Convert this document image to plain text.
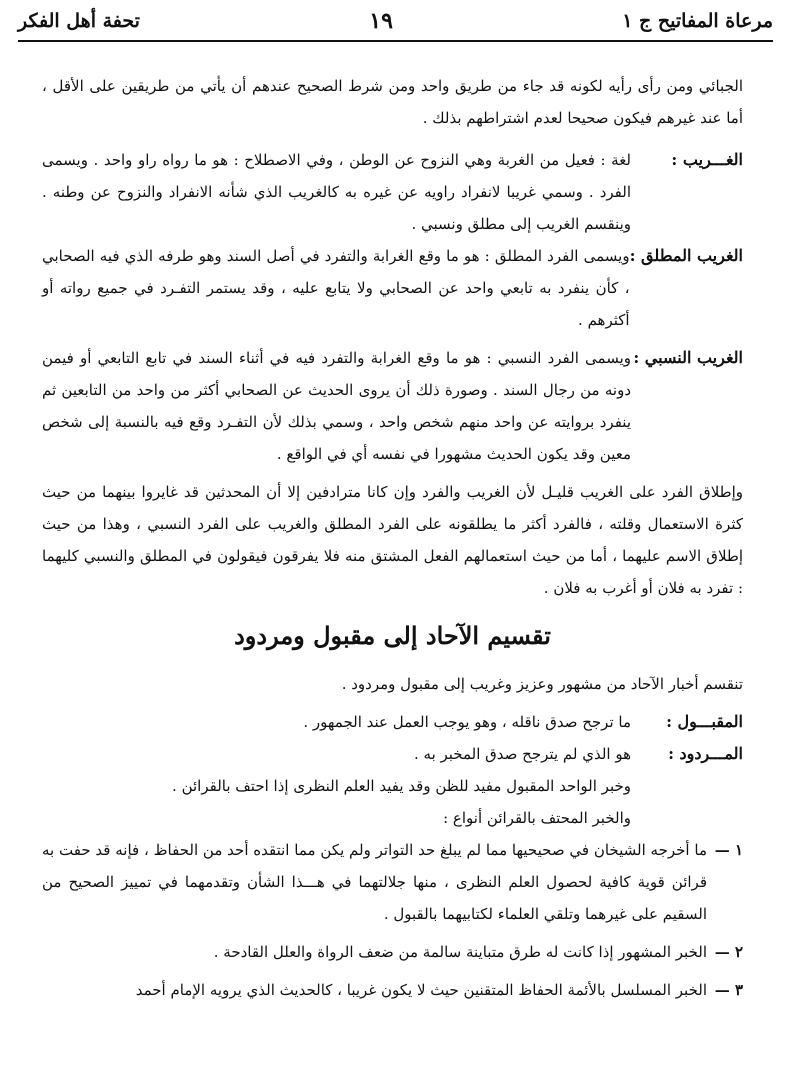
مرعاة المفاتيح ج ١
١٩
تحفة أهل الفكر

الجبائي ومن رأى رأيه لكونه قد جاء من طريق واحد ومن شرط الصحيح عندهم أن يأتي من طريقين على الأقل ، أما عند غيرهم فيكون صحيحا لعدم اشتراطهم بذلك .

الغـــريب :
لغة : فعيل من الغربة وهي النزوح عن الوطن ، وفي الاصطلاح : هو ما رواه راو واحد . ويسمى الفرد . وسمي غريبا لانفراد راويه عن غيره به كالغريب الذي شأنه الانفراد والنزوح عن وطنه . وينقسم الغريب إلى مطلق ونسبي .
الغريب المطلق :
ويسمى الفرد المطلق : هو ما وقع الغرابة والتفرد في أصل السند وهو طرفه الذي فيه الصحابي ، كأن ينفرد به تابعي واحد عن الصحابي ولا يتابع عليه ، وقد يستمر التفـرد في جميع رواته أو أكثرهم .
الغريب النسبي :
ويسمى الفرد النسبي : هو ما وقع الغرابة والتفرد فيه في أثناء السند في تابع التابعي أو فيمن دونه من رجال السند . وصورة ذلك أن يروى الحديث عن الصحابي أكثر من واحد من التابعين ثم ينفرد بروايته عن واحد منهم شخص واحد ، وسمي بذلك لأن التفـرد وقع فيه بالنسبة إلى شخص معين وقد يكون الحديث مشهورا في نفسه أي في الواقع .

وإطلاق الفرد على الغريب قليـل لأن الغريب والفرد وإن كانا مترادفين إلا أن المحدثين قد غايروا بينهما من حيث كثرة الاستعمال وقلته ، فالفرد أكثر ما يطلقونه على الفرد المطلق والغريب على الفرد النسبي ، وهذا من حيث إطلاق الاسم عليهما ، أما من حيث استعمالهم الفعل المشتق منه فلا يفرقون فيقولون في المطلق والنسبي كليهما : تفرد به فلان أو أغرب به فلان .

تقسيم الآحاد إلى مقبول ومردود

تنقسم أخبار الآحاد من مشهور وعزيز وغريب إلى مقبول ومردود .

المقبـــول :
ما ترجح صدق ناقله ، وهو يوجب العمل عند الجمهور .
المـــردود :
هو الذي لم يترجح صدق المخبر به .

وخبر الواحد المقبول مفيد للظن وقد يفيد العلم النظرى إذا احتف بالقرائن .

والخبر المحتف بالقرائن أنواع :

١ —
ما أخرجه الشيخان في صحيحيها مما لم يبلغ حد التواتر ولم يكن مما انتقده أحد من الحفاظ ، فإنه قد حفت به قرائن قوية كافية لحصول العلم النظرى ، منها جلالتهما في هـــذا الشأن وتقدمهما في تمييز الصحيح من السقيم على غيرهما وتلقي العلماء لكتابيهما بالقبول .
٢ —
الخبر المشهور إذا كانت له طرق متباينة سالمة من ضعف الرواة والعلل القادحة .
٣ —
الخبر المسلسل بالأئمة الحفاظ المتقنين حيث لا يكون غريبا ، كالحديث الذي يرويه الإمام أحمد
